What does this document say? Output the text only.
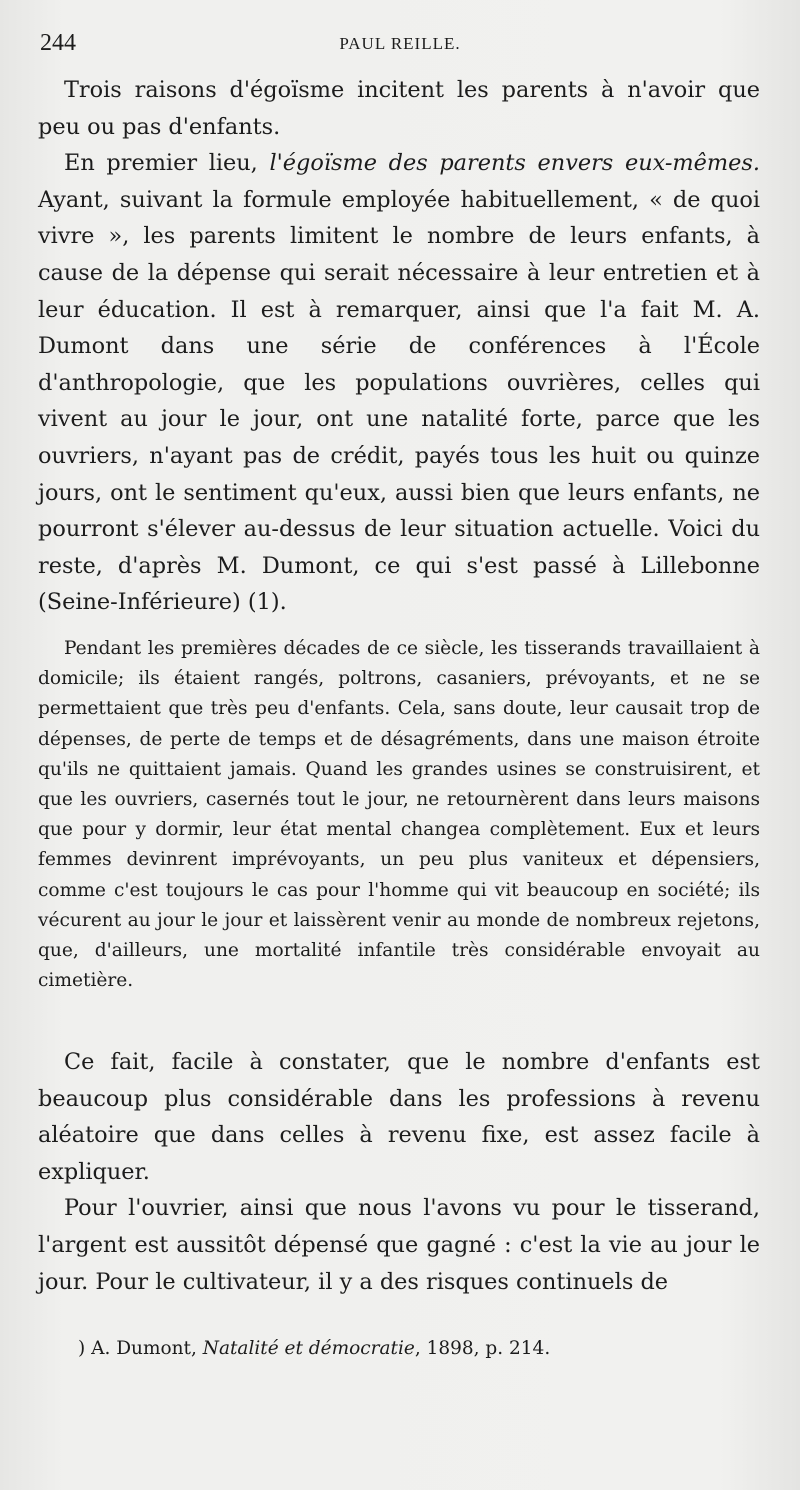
244	PAUL REILLE.

Trois raisons d'égoïsme incitent les parents à n'avoir que peu ou pas d'enfants.

En premier lieu, l'égoïsme des parents envers eux-mêmes. Ayant, suivant la formule employée habituellement, « de quoi vivre », les parents limitent le nombre de leurs enfants, à cause de la dépense qui serait nécessaire à leur entretien et à leur éducation. Il est à remarquer, ainsi que l'a fait M. A. Dumont dans une série de conférences à l'École d'anthropologie, que les populations ouvrières, celles qui vivent au jour le jour, ont une natalité forte, parce que les ouvriers, n'ayant pas de crédit, payés tous les huit ou quinze jours, ont le sentiment qu'eux, aussi bien que leurs enfants, ne pourront s'élever au-dessus de leur situation actuelle. Voici du reste, d'après M. Dumont, ce qui s'est passé à Lillebonne (Seine-Inférieure) (1).

Pendant les premières décades de ce siècle, les tisserands travaillaient à domicile; ils étaient rangés, poltrons, casaniers, prévoyants, et ne se permettaient que très peu d'enfants. Cela, sans doute, leur causait trop de dépenses, de perte de temps et de désagréments, dans une maison étroite qu'ils ne quittaient jamais. Quand les grandes usines se construisirent, et que les ouvriers, casernés tout le jour, ne retournèrent dans leurs maisons que pour y dormir, leur état mental changea complètement. Eux et leurs femmes devinrent imprévoyants, un peu plus vaniteux et dépensiers, comme c'est toujours le cas pour l'homme qui vit beaucoup en société; ils vécurent au jour le jour et laissèrent venir au monde de nombreux rejetons, que, d'ailleurs, une mortalité infantile très considérable envoyait au cimetière.

Ce fait, facile à constater, que le nombre d'enfants est beaucoup plus considérable dans les professions à revenu aléatoire que dans celles à revenu fixe, est assez facile à expliquer.

Pour l'ouvrier, ainsi que nous l'avons vu pour le tisserand, l'argent est aussitôt dépensé que gagné : c'est la vie au jour le jour. Pour le cultivateur, il y a des risques continuels de

) A. Dumont, Natalité et démocratie, 1898, p. 214.
